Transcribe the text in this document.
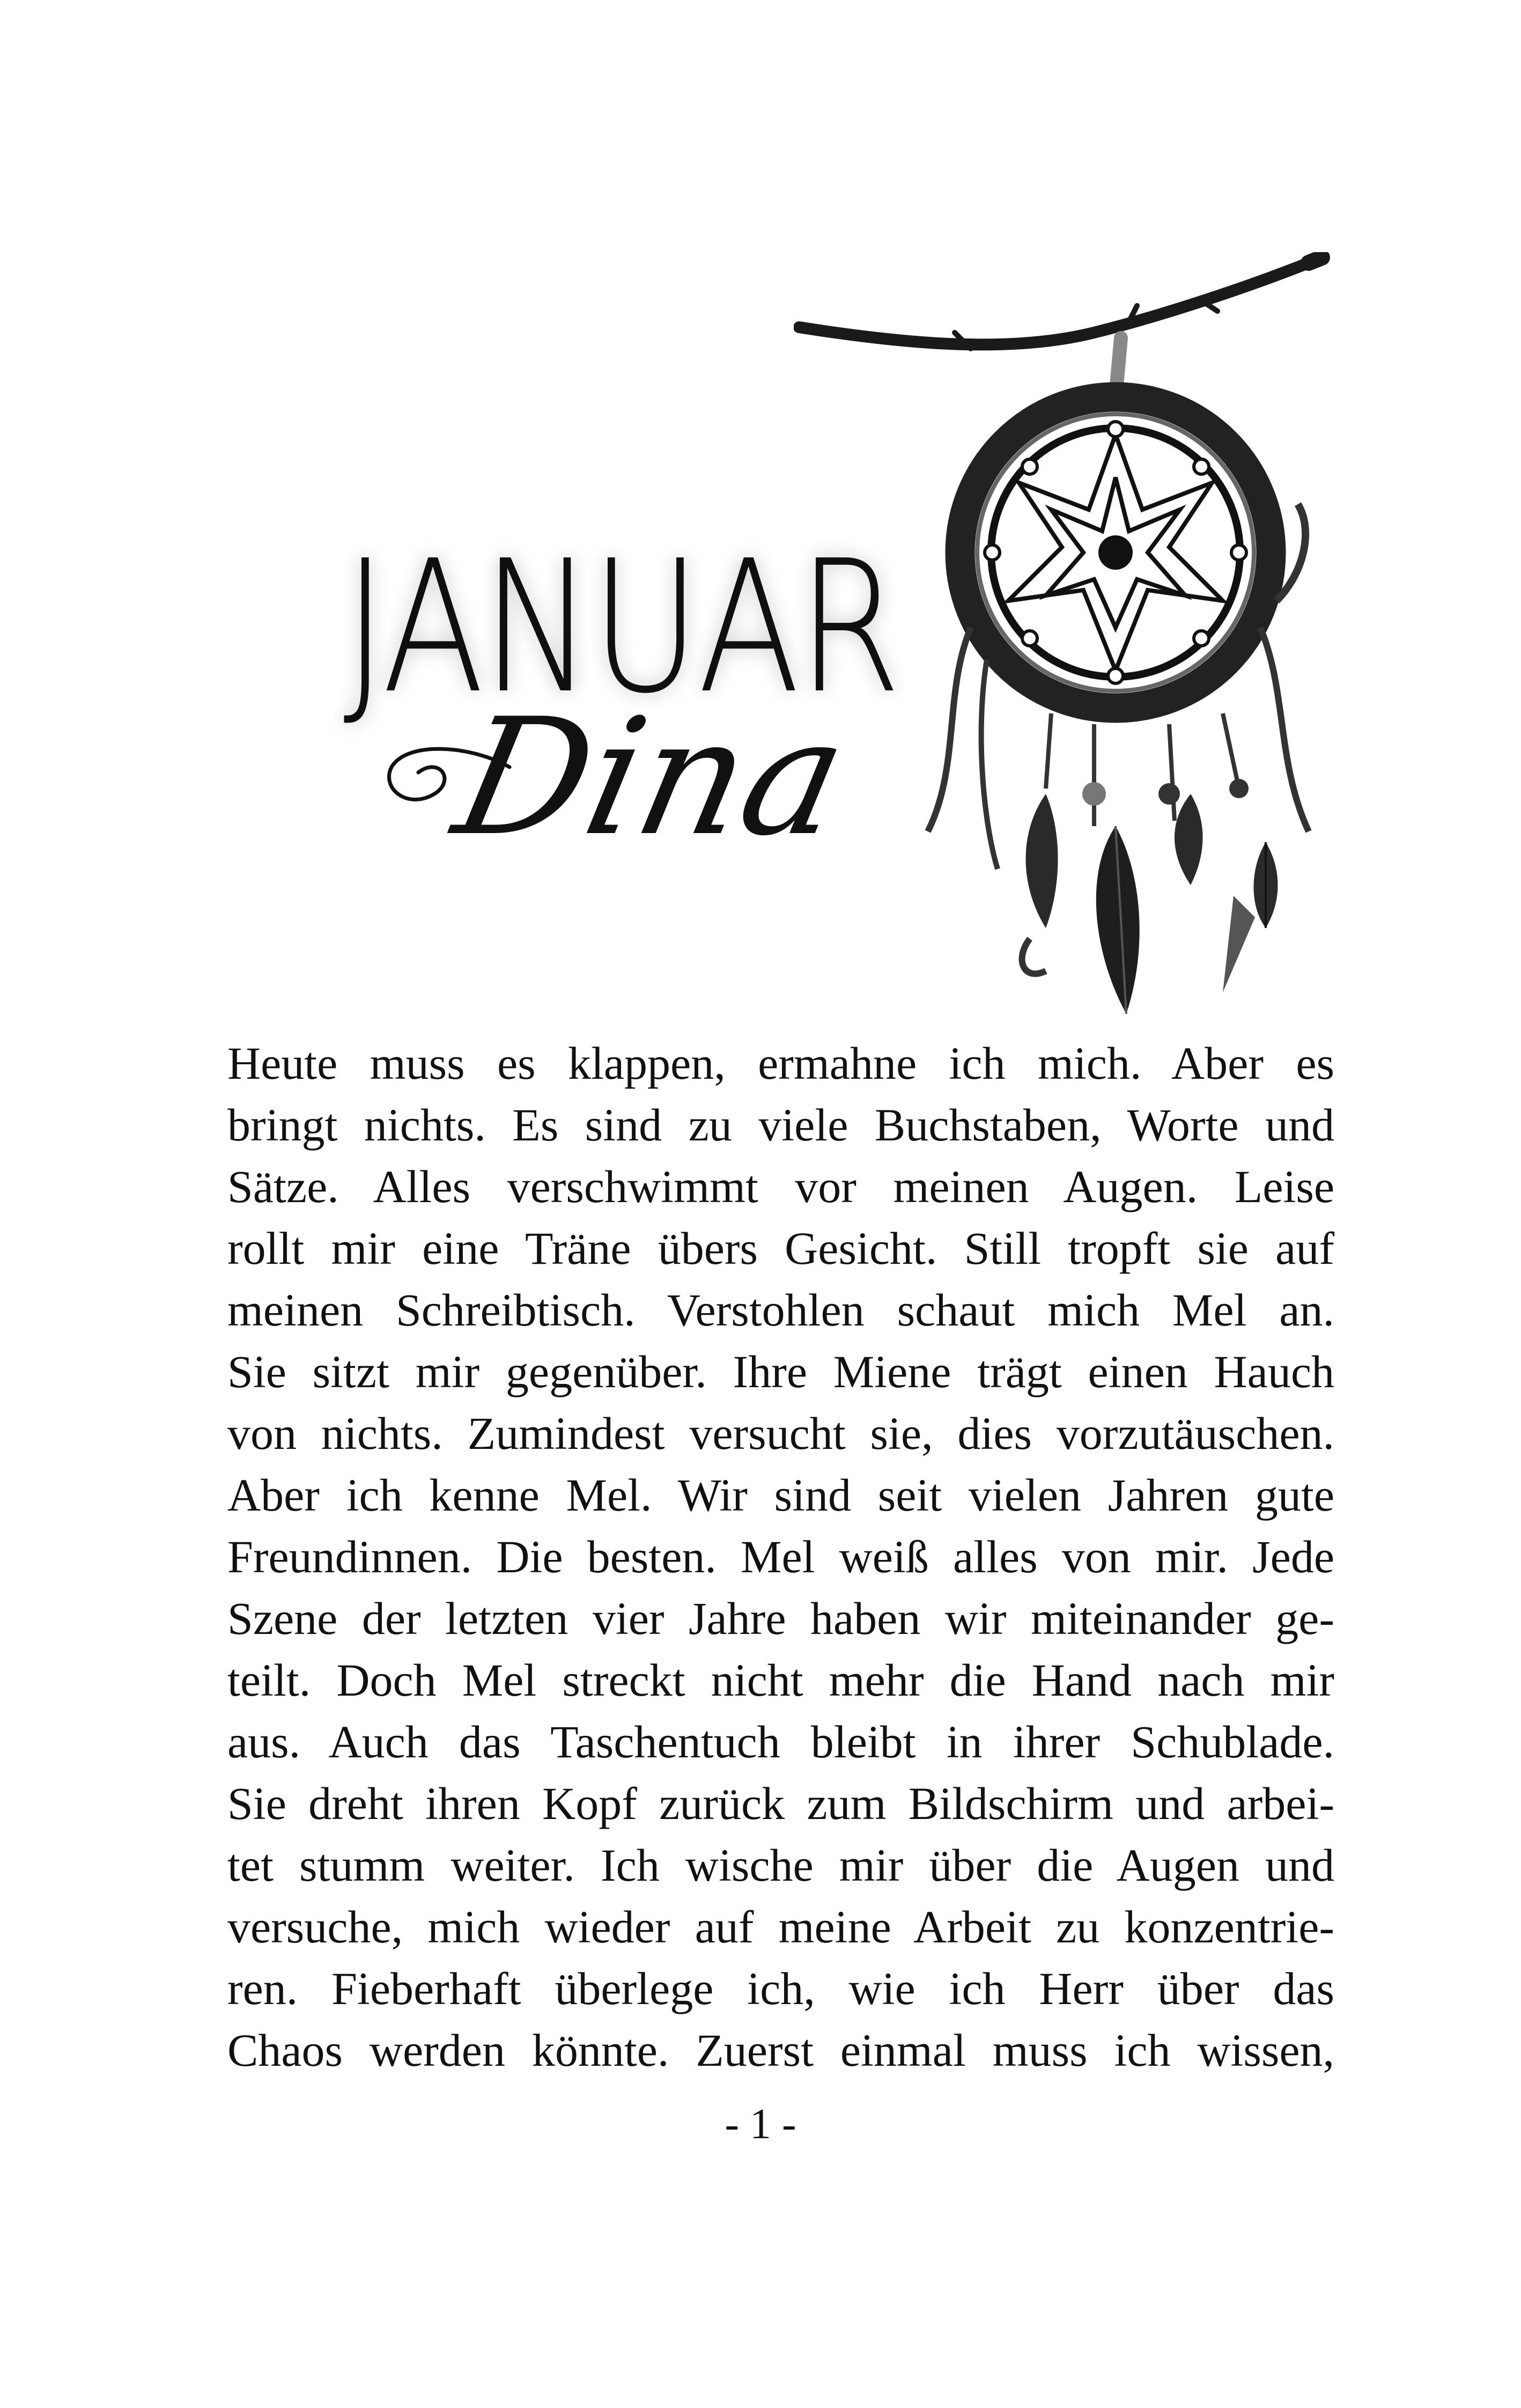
JANUAR
Dina
Heute muss es klappen, ermahne ich mich. Aber es
bringt nichts. Es sind zu viele Buchstaben, Worte und
Sätze. Alles verschwimmt vor meinen Augen. Leise
rollt mir eine Träne übers Gesicht. Still tropft sie auf
meinen Schreibtisch. Verstohlen schaut mich Mel an.
Sie sitzt mir gegenüber. Ihre Miene trägt einen Hauch
von nichts. Zumindest versucht sie, dies vorzutäuschen.
Aber ich kenne Mel. Wir sind seit vielen Jahren gute
Freundinnen. Die besten. Mel weiß alles von mir. Jede
Szene der letzten vier Jahre haben wir miteinander ge-
teilt. Doch Mel streckt nicht mehr die Hand nach mir
aus. Auch das Taschentuch bleibt in ihrer Schublade.
Sie dreht ihren Kopf zurück zum Bildschirm und arbei-
tet stumm weiter. Ich wische mir über die Augen und
versuche, mich wieder auf meine Arbeit zu konzentrie-
ren. Fieberhaft überlege ich, wie ich Herr über das
Chaos werden könnte. Zuerst einmal muss ich wissen,
- 1 -
